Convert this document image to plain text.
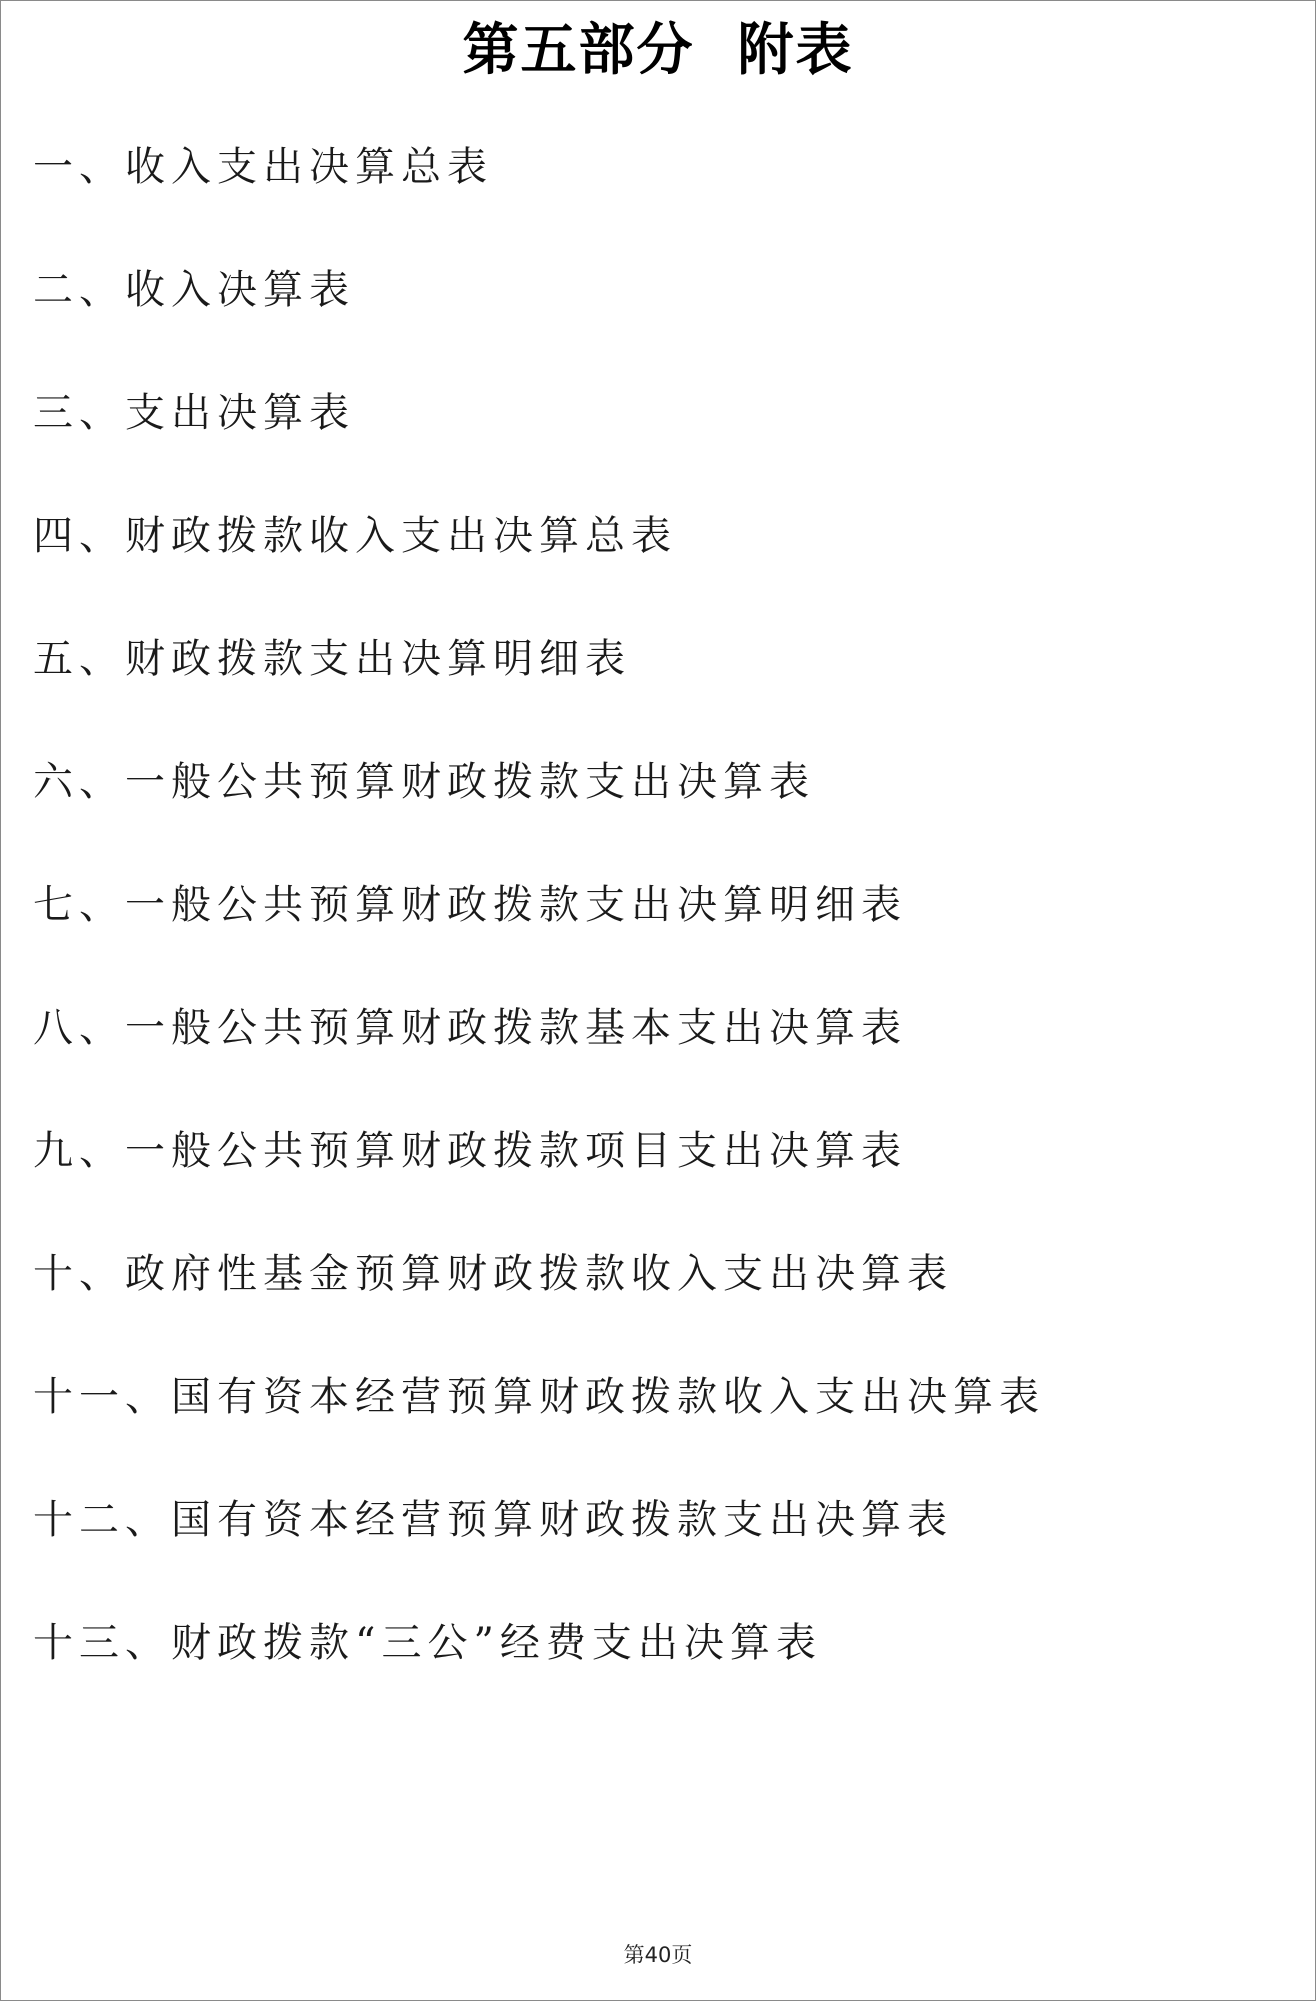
第五部分  附表
一、收入支出决算总表
二、收入决算表
三、支出决算表
四、财政拨款收入支出决算总表
五、财政拨款支出决算明细表
六、一般公共预算财政拨款支出决算表
七、一般公共预算财政拨款支出决算明细表
八、一般公共预算财政拨款基本支出决算表
九、一般公共预算财政拨款项目支出决算表
十、政府性基金预算财政拨款收入支出决算表
十一、国有资本经营预算财政拨款收入支出决算表
十二、国有资本经营预算财政拨款支出决算表
十三、财政拨款“三公”经费支出决算表
第40页
